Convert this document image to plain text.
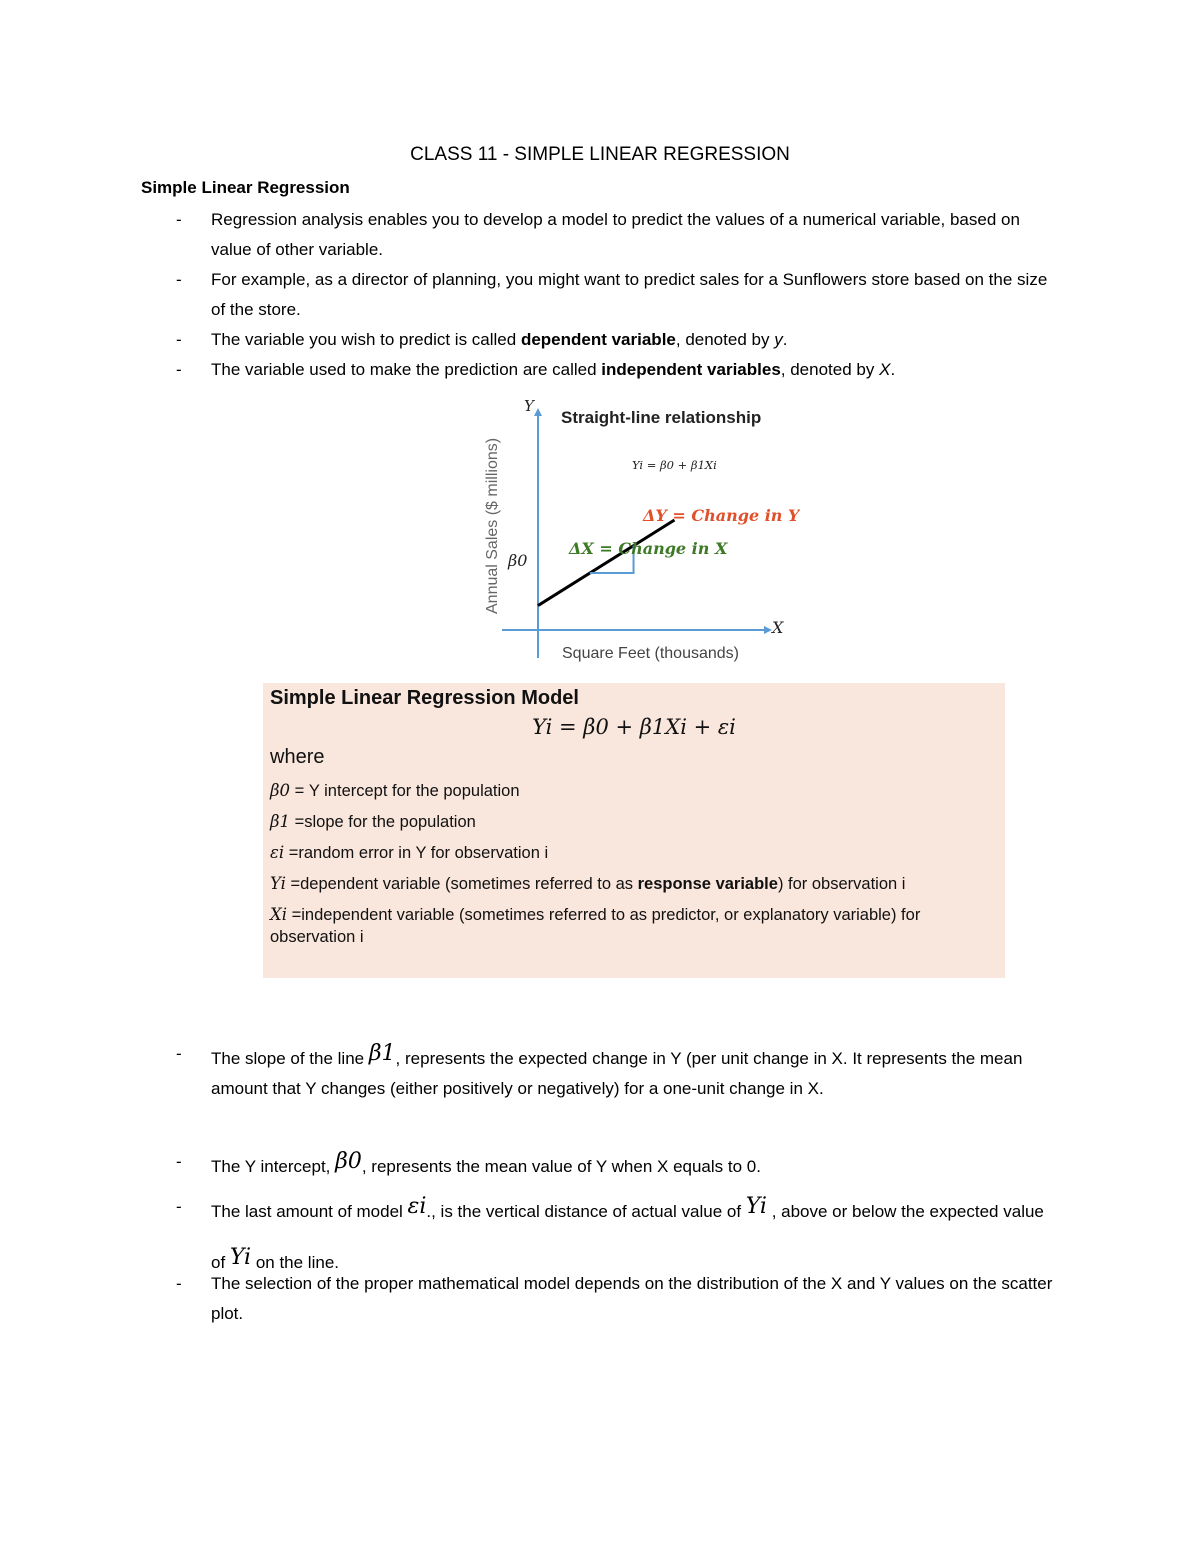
CLASS 11 - SIMPLE LINEAR REGRESSION
Simple Linear Regression
- Regression analysis enables you to develop a model to predict the values of a numerical variable, based on value of other variable.
- For example, as a director of planning, you might want to predict sales for a Sunflowers store based on the size of the store.
- The variable you wish to predict is called dependent variable, denoted by y.
- The variable used to make the prediction are called independent variables, denoted by X.
Y
X
Straight-line relationship
Yi = β0 + β1Xi
ΔY = Change in Y
ΔX = Change in X
β0
Square Feet (thousands)
Annual Sales ($ millions)
Simple Linear Regression Model
Yi = β0 + β1Xi + εi
where
β0 = Y intercept for the population
β1 =slope for the population
εi =random error in Y for observation i
Yi =dependent variable (sometimes referred to as response variable) for observation i
Xi =independent variable (sometimes referred to as predictor, or explanatory variable) for observation i
- The slope of the line β1, represents the expected change in Y (per unit change in X. It represents the mean amount that Y changes (either positively or negatively) for a one-unit change in X.
- The Y intercept, β0, represents the mean value of Y when X equals to 0.
- The last amount of model εi., is the vertical distance of actual value of Yi , above or below the expected value of Yi on the line.
- The selection of the proper mathematical model depends on the distribution of the X and Y values on the scatter plot.
